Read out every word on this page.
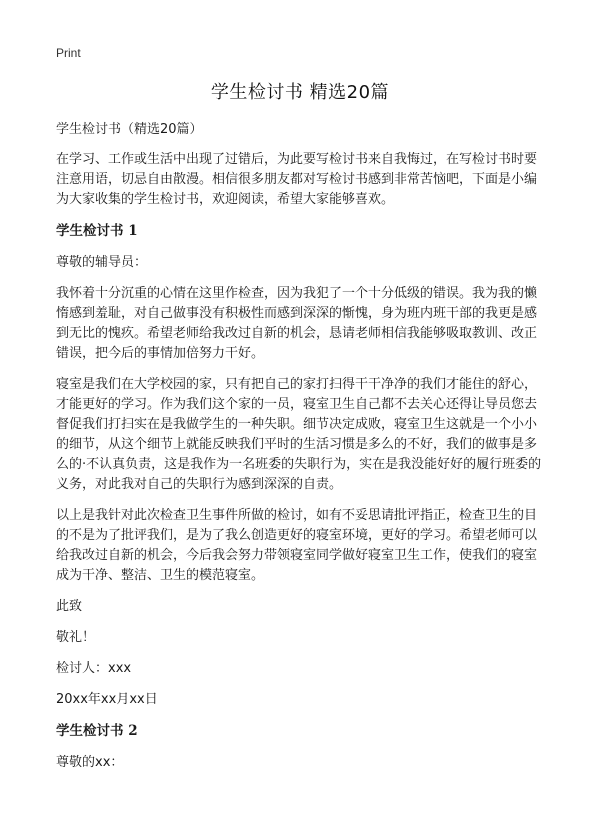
Print
学生检讨书 精选20篇

学生检讨书（精选20篇）

在学习、工作或生活中出现了过错后，为此要写检讨书来自我悔过，在写检讨书时要注意用语，切忌自由散漫。相信很多朋友都对写检讨书感到非常苦恼吧，下面是小编为大家收集的学生检讨书，欢迎阅读，希望大家能够喜欢。

学生检讨书 1

尊敬的辅导员：

我怀着十分沉重的心情在这里作检查，因为我犯了一个十分低级的错误。我为我的懒惰感到羞耻，对自己做事没有积极性而感到深深的惭愧，身为班内班干部的我更是感到无比的愧疚。希望老师给我改过自新的机会，恳请老师相信我能够吸取教训、改正错误，把今后的事情加倍努力干好。

寝室是我们在大学校园的家，只有把自己的家打扫得干干净净的我们才能住的舒心，才能更好的学习。作为我们这个家的一员，寝室卫生自己都不去关心还得让导员您去督促我们打扫实在是我做学生的一种失职。细节决定成败，寝室卫生这就是一个小小的细节，从这个细节上就能反映我们平时的生活习惯是多么的不好，我们的做事是多么的·不认真负责，这是我作为一名班委的失职行为，实在是我没能好好的履行班委的义务，对此我对自己的失职行为感到深深的自责。

以上是我针对此次检查卫生事件所做的检讨，如有不妥思请批评指正，检查卫生的目的不是为了批评我们，是为了我么创造更好的寝室环境，更好的学习。希望老师可以给我改过自新的机会，今后我会努力带领寝室同学做好寝室卫生工作，使我们的寝室成为干净、整洁、卫生的模范寝室。

此致

敬礼！

检讨人：xxx

20xx年xx月xx日

学生检讨书 2

尊敬的xx：
